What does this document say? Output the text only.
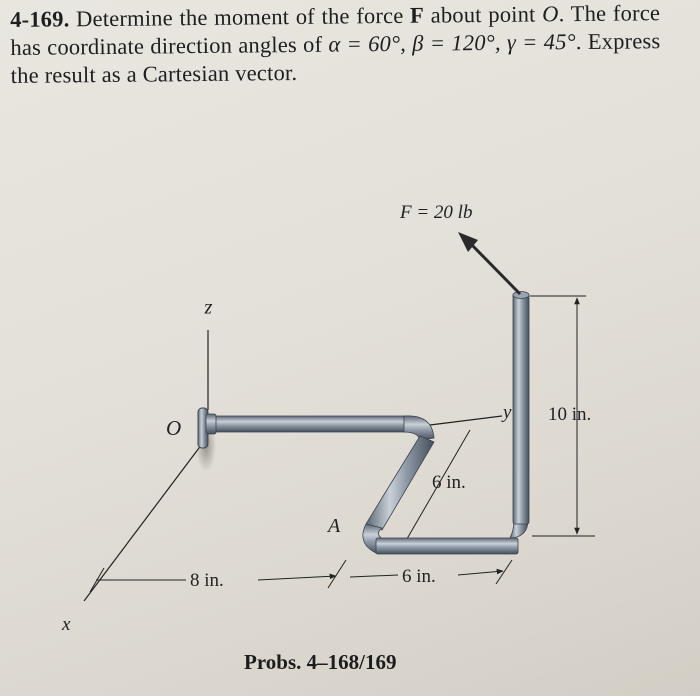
4-169. Determine the moment of the force F about point O. The force has coordinate direction angles of α = 60°, β = 120°, γ = 45°. Express the result as a Cartesian vector.
F = 20 lb
z
y
x
O
A
10 in.
6 in.
8 in.	6 in.
Probs. 4–168/169
